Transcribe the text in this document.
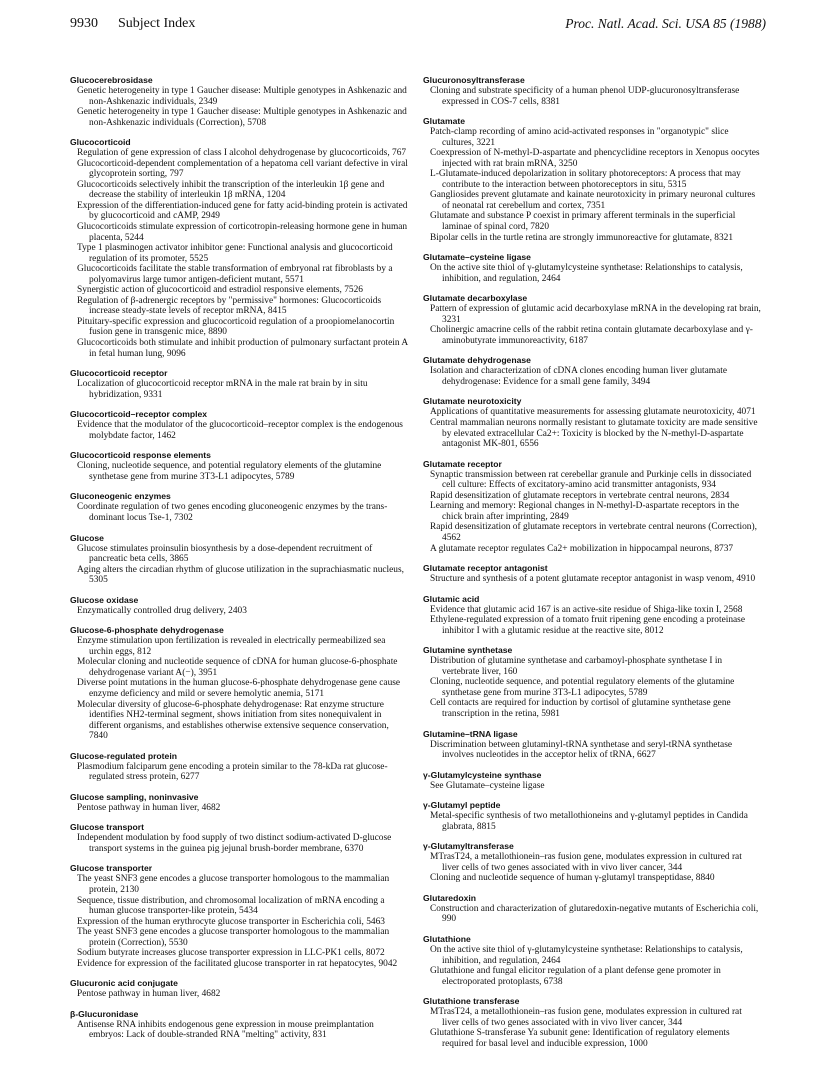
9930 Subject Index	Proc. Natl. Acad. Sci. USA 85 (1988)
Glucocerebrosidase
Genetic heterogeneity in type 1 Gaucher disease: Multiple genotypes in Ashkenazic and non-Ashkenazic individuals, 2349
Genetic heterogeneity in type 1 Gaucher disease: Multiple genotypes in Ashkenazic and non-Ashkenazic individuals (Correction), 5708
Glucocorticoid
Regulation of gene expression of class I alcohol dehydrogenase by glucocorticoids, 767
Glucocorticoid-dependent complementation of a hepatoma cell variant defective in viral glycoprotein sorting, 797
Glucocorticoids selectively inhibit the transcription of the interleukin 1β gene and decrease the stability of interleukin 1β mRNA, 1204
Expression of the differentiation-induced gene for fatty acid-binding protein is activated by glucocorticoid and cAMP, 2949
Glucocorticoids stimulate expression of corticotropin-releasing hormone gene in human placenta, 5244
Type 1 plasminogen activator inhibitor gene: Functional analysis and glucocorticoid regulation of its promoter, 5525
Glucocorticoids facilitate the stable transformation of embryonal rat fibroblasts by a polyomavirus large tumor antigen-deficient mutant, 5571
Synergistic action of glucocorticoid and estradiol responsive elements, 7526
Regulation of β-adrenergic receptors by "permissive" hormones: Glucocorticoids increase steady-state levels of receptor mRNA, 8415
Pituitary-specific expression and glucocorticoid regulation of a proopiomelanocortin fusion gene in transgenic mice, 8890
Glucocorticoids both stimulate and inhibit production of pulmonary surfactant protein A in fetal human lung, 9096
Glucocorticoid receptor
Localization of glucocorticoid receptor mRNA in the male rat brain by in situ hybridization, 9331
Glucocorticoid–receptor complex
Evidence that the modulator of the glucocorticoid–receptor complex is the endogenous molybdate factor, 1462
Glucocorticoid response elements
Cloning, nucleotide sequence, and potential regulatory elements of the glutamine synthetase gene from murine 3T3-L1 adipocytes, 5789
Gluconeogenic enzymes
Coordinate regulation of two genes encoding gluconeogenic enzymes by the trans-dominant locus Tse-1, 7302
Glucose
Glucose stimulates proinsulin biosynthesis by a dose-dependent recruitment of pancreatic beta cells, 3865
Aging alters the circadian rhythm of glucose utilization in the suprachiasmatic nucleus, 5305
Glucose oxidase
Enzymatically controlled drug delivery, 2403
Glucose-6-phosphate dehydrogenase
Enzyme stimulation upon fertilization is revealed in electrically permeabilized sea urchin eggs, 812
Molecular cloning and nucleotide sequence of cDNA for human glucose-6-phosphate dehydrogenase variant A(−), 3951
Diverse point mutations in the human glucose-6-phosphate dehydrogenase gene cause enzyme deficiency and mild or severe hemolytic anemia, 5171
Molecular diversity of glucose-6-phosphate dehydrogenase: Rat enzyme structure identifies NH2-terminal segment, shows initiation from sites nonequivalent in different organisms, and establishes otherwise extensive sequence conservation, 7840
Glucose-regulated protein
Plasmodium falciparum gene encoding a protein similar to the 78-kDa rat glucose-regulated stress protein, 6277
Glucose sampling, noninvasive
Pentose pathway in human liver, 4682
Glucose transport
Independent modulation by food supply of two distinct sodium-activated D-glucose transport systems in the guinea pig jejunal brush-border membrane, 6370
Glucose transporter
The yeast SNF3 gene encodes a glucose transporter homologous to the mammalian protein, 2130
Sequence, tissue distribution, and chromosomal localization of mRNA encoding a human glucose transporter-like protein, 5434
Expression of the human erythrocyte glucose transporter in Escherichia coli, 5463
The yeast SNF3 gene encodes a glucose transporter homologous to the mammalian protein (Correction), 5530
Sodium butyrate increases glucose transporter expression in LLC-PK1 cells, 8072
Evidence for expression of the facilitated glucose transporter in rat hepatocytes, 9042
Glucuronic acid conjugate
Pentose pathway in human liver, 4682
β-Glucuronidase
Antisense RNA inhibits endogenous gene expression in mouse preimplantation embryos: Lack of double-stranded RNA "melting" activity, 831
Glucuronosyltransferase
Cloning and substrate specificity of a human phenol UDP-glucuronosyltransferase expressed in COS-7 cells, 8381
Glutamate
Patch-clamp recording of amino acid-activated responses in "organotypic" slice cultures, 3221
Coexpression of N-methyl-D-aspartate and phencyclidine receptors in Xenopus oocytes injected with rat brain mRNA, 3250
L-Glutamate-induced depolarization in solitary photoreceptors: A process that may contribute to the interaction between photoreceptors in situ, 5315
Gangliosides prevent glutamate and kainate neurotoxicity in primary neuronal cultures of neonatal rat cerebellum and cortex, 7351
Glutamate and substance P coexist in primary afferent terminals in the superficial laminae of spinal cord, 7820
Bipolar cells in the turtle retina are strongly immunoreactive for glutamate, 8321
Glutamate–cysteine ligase
On the active site thiol of γ-glutamylcysteine synthetase: Relationships to catalysis, inhibition, and regulation, 2464
Glutamate decarboxylase
Pattern of expression of glutamic acid decarboxylase mRNA in the developing rat brain, 3231
Cholinergic amacrine cells of the rabbit retina contain glutamate decarboxylase and γ-aminobutyrate immunoreactivity, 6187
Glutamate dehydrogenase
Isolation and characterization of cDNA clones encoding human liver glutamate dehydrogenase: Evidence for a small gene family, 3494
Glutamate neurotoxicity
Applications of quantitative measurements for assessing glutamate neurotoxicity, 4071
Central mammalian neurons normally resistant to glutamate toxicity are made sensitive by elevated extracellular Ca2+: Toxicity is blocked by the N-methyl-D-aspartate antagonist MK-801, 6556
Glutamate receptor
Synaptic transmission between rat cerebellar granule and Purkinje cells in dissociated cell culture: Effects of excitatory-amino acid transmitter antagonists, 934
Rapid desensitization of glutamate receptors in vertebrate central neurons, 2834
Learning and memory: Regional changes in N-methyl-D-aspartate receptors in the chick brain after imprinting, 2849
Rapid desensitization of glutamate receptors in vertebrate central neurons (Correction), 4562
A glutamate receptor regulates Ca2+ mobilization in hippocampal neurons, 8737
Glutamate receptor antagonist
Structure and synthesis of a potent glutamate receptor antagonist in wasp venom, 4910
Glutamic acid
Evidence that glutamic acid 167 is an active-site residue of Shiga-like toxin I, 2568
Ethylene-regulated expression of a tomato fruit ripening gene encoding a proteinase inhibitor I with a glutamic residue at the reactive site, 8012
Glutamine synthetase
Distribution of glutamine synthetase and carbamoyl-phosphate synthetase I in vertebrate liver, 160
Cloning, nucleotide sequence, and potential regulatory elements of the glutamine synthetase gene from murine 3T3-L1 adipocytes, 5789
Cell contacts are required for induction by cortisol of glutamine synthetase gene transcription in the retina, 5981
Glutamine–tRNA ligase
Discrimination between glutaminyl-tRNA synthetase and seryl-tRNA synthetase involves nucleotides in the acceptor helix of tRNA, 6627
γ-Glutamylcysteine synthase
See Glutamate–cysteine ligase
γ-Glutamyl peptide
Metal-specific synthesis of two metallothioneins and γ-glutamyl peptides in Candida glabrata, 8815
γ-Glutamyltransferase
MTrasT24, a metallothionein–ras fusion gene, modulates expression in cultured rat liver cells of two genes associated with in vivo liver cancer, 344
Cloning and nucleotide sequence of human γ-glutamyl transpeptidase, 8840
Glutaredoxin
Construction and characterization of glutaredoxin-negative mutants of Escherichia coli, 990
Glutathione
On the active site thiol of γ-glutamylcysteine synthetase: Relationships to catalysis, inhibition, and regulation, 2464
Glutathione and fungal elicitor regulation of a plant defense gene promoter in electroporated protoplasts, 6738
Glutathione transferase
MTrasT24, a metallothionein–ras fusion gene, modulates expression in cultured rat liver cells of two genes associated with in vivo liver cancer, 344
Glutathione S-transferase Ya subunit gene: Identification of regulatory elements required for basal level and inducible expression, 1000
